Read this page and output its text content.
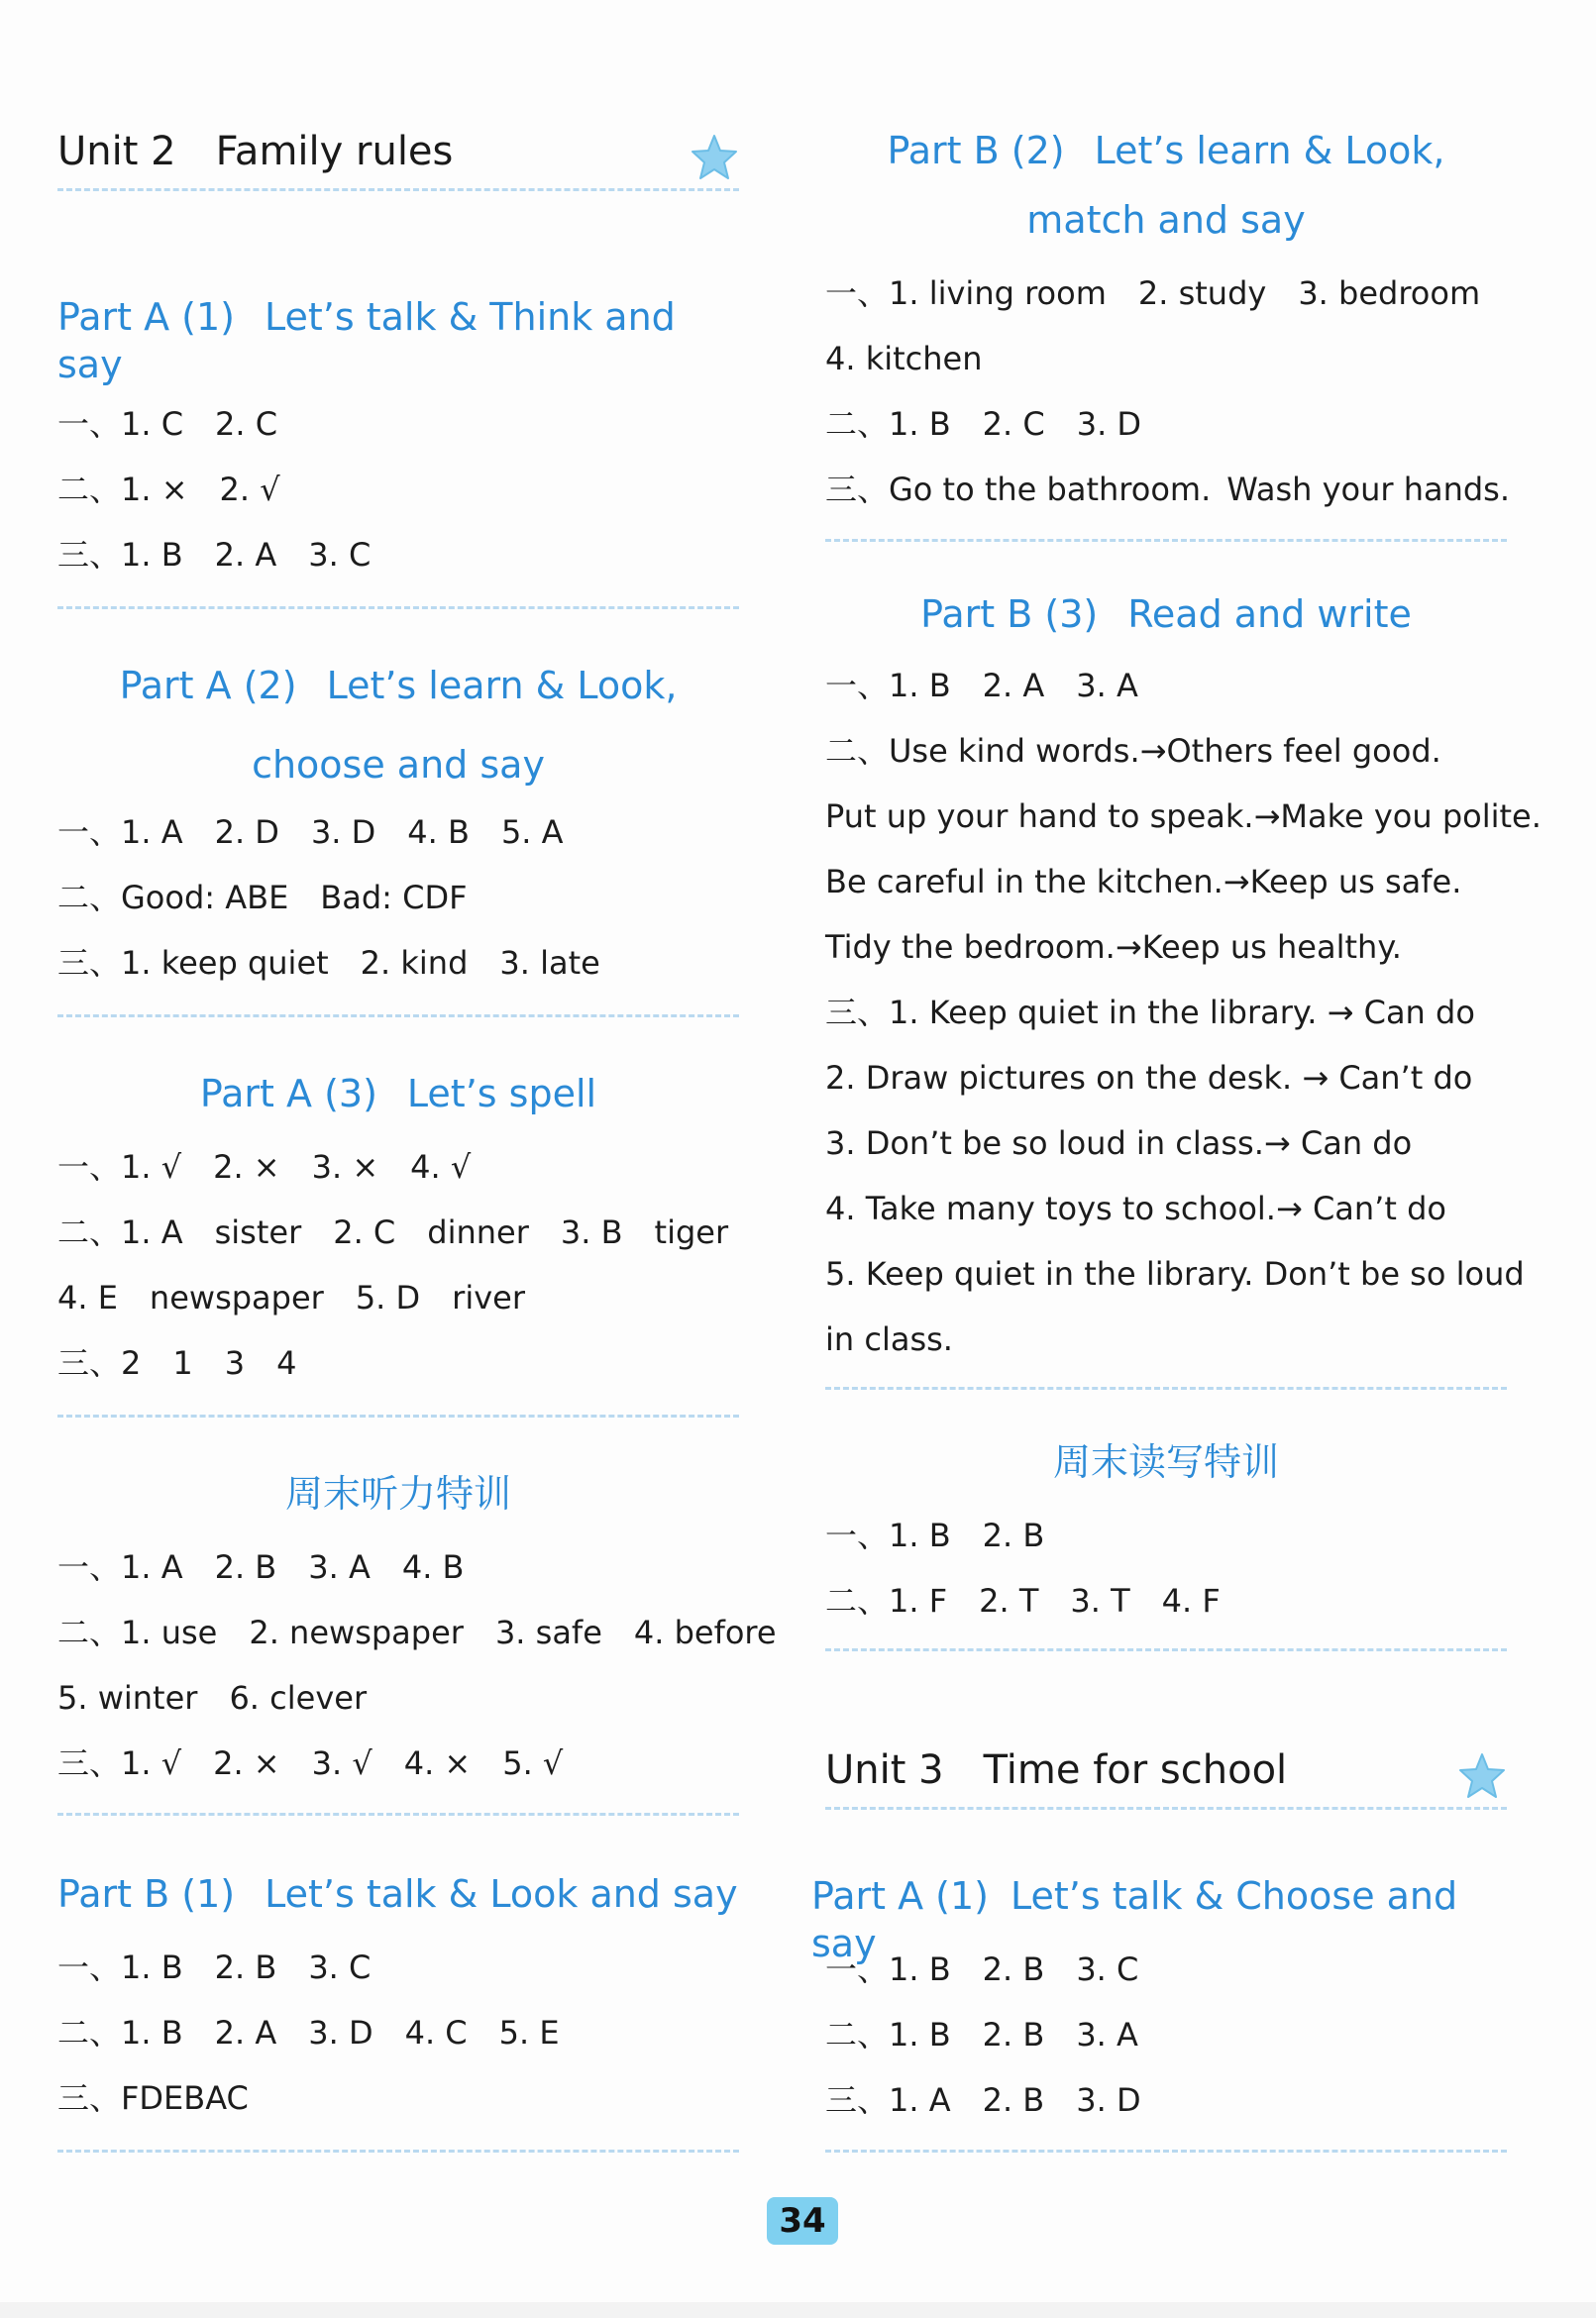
Unit 2 Family rules
Part A (1) Let’s talk & Think and say
一、1. C 2. C
二、1. × 2. √
三、1. B 2. A 3. C
Part A (2) Let’s learn & Look,
choose and say
一、1. A 2. D 3. D 4. B 5. A
二、Good: ABE Bad: CDF
三、1. keep quiet 2. kind 3. late
Part A (3) Let’s spell
一、1. √ 2. × 3. × 4. √
二、1. A sister 2. C dinner 3. B tiger
4. E newspaper 5. D river
三、2 1 3 4
周末听力特训
一、1. A 2. B 3. A 4. B
二、1. use 2. newspaper 3. safe 4. before
5. winter 6. clever
三、1. √ 2. × 3. √ 4. × 5. √
Part B (1) Let’s talk & Look and say
一、1. B 2. B 3. C
二、1. B 2. A 3. D 4. C 5. E
三、FDEBAC
Part B (2) Let’s learn & Look,
match and say
一、1. living room 2. study 3. bedroom
4. kitchen
二、1. B 2. C 3. D
三、Go to the bathroom. Wash your hands.
Part B (3) Read and write
一、1. B 2. A 3. A
二、Use kind words.→Others feel good.
Put up your hand to speak.→Make you polite.
Be careful in the kitchen.→Keep us safe.
Tidy the bedroom.→Keep us healthy.
三、1. Keep quiet in the library. → Can do
2. Draw pictures on the desk. → Can’t do
3. Don’t be so loud in class.→ Can do
4. Take many toys to school.→ Can’t do
5. Keep quiet in the library. Don’t be so loud
in class.
周末读写特训
一、1. B 2. B
二、1. F 2. T 3. T 4. F
Unit 3 Time for school
Part A (1) Let’s talk & Choose and say
一、1. B 2. B 3. C
二、1. B 2. B 3. A
三、1. A 2. B 3. D
34
